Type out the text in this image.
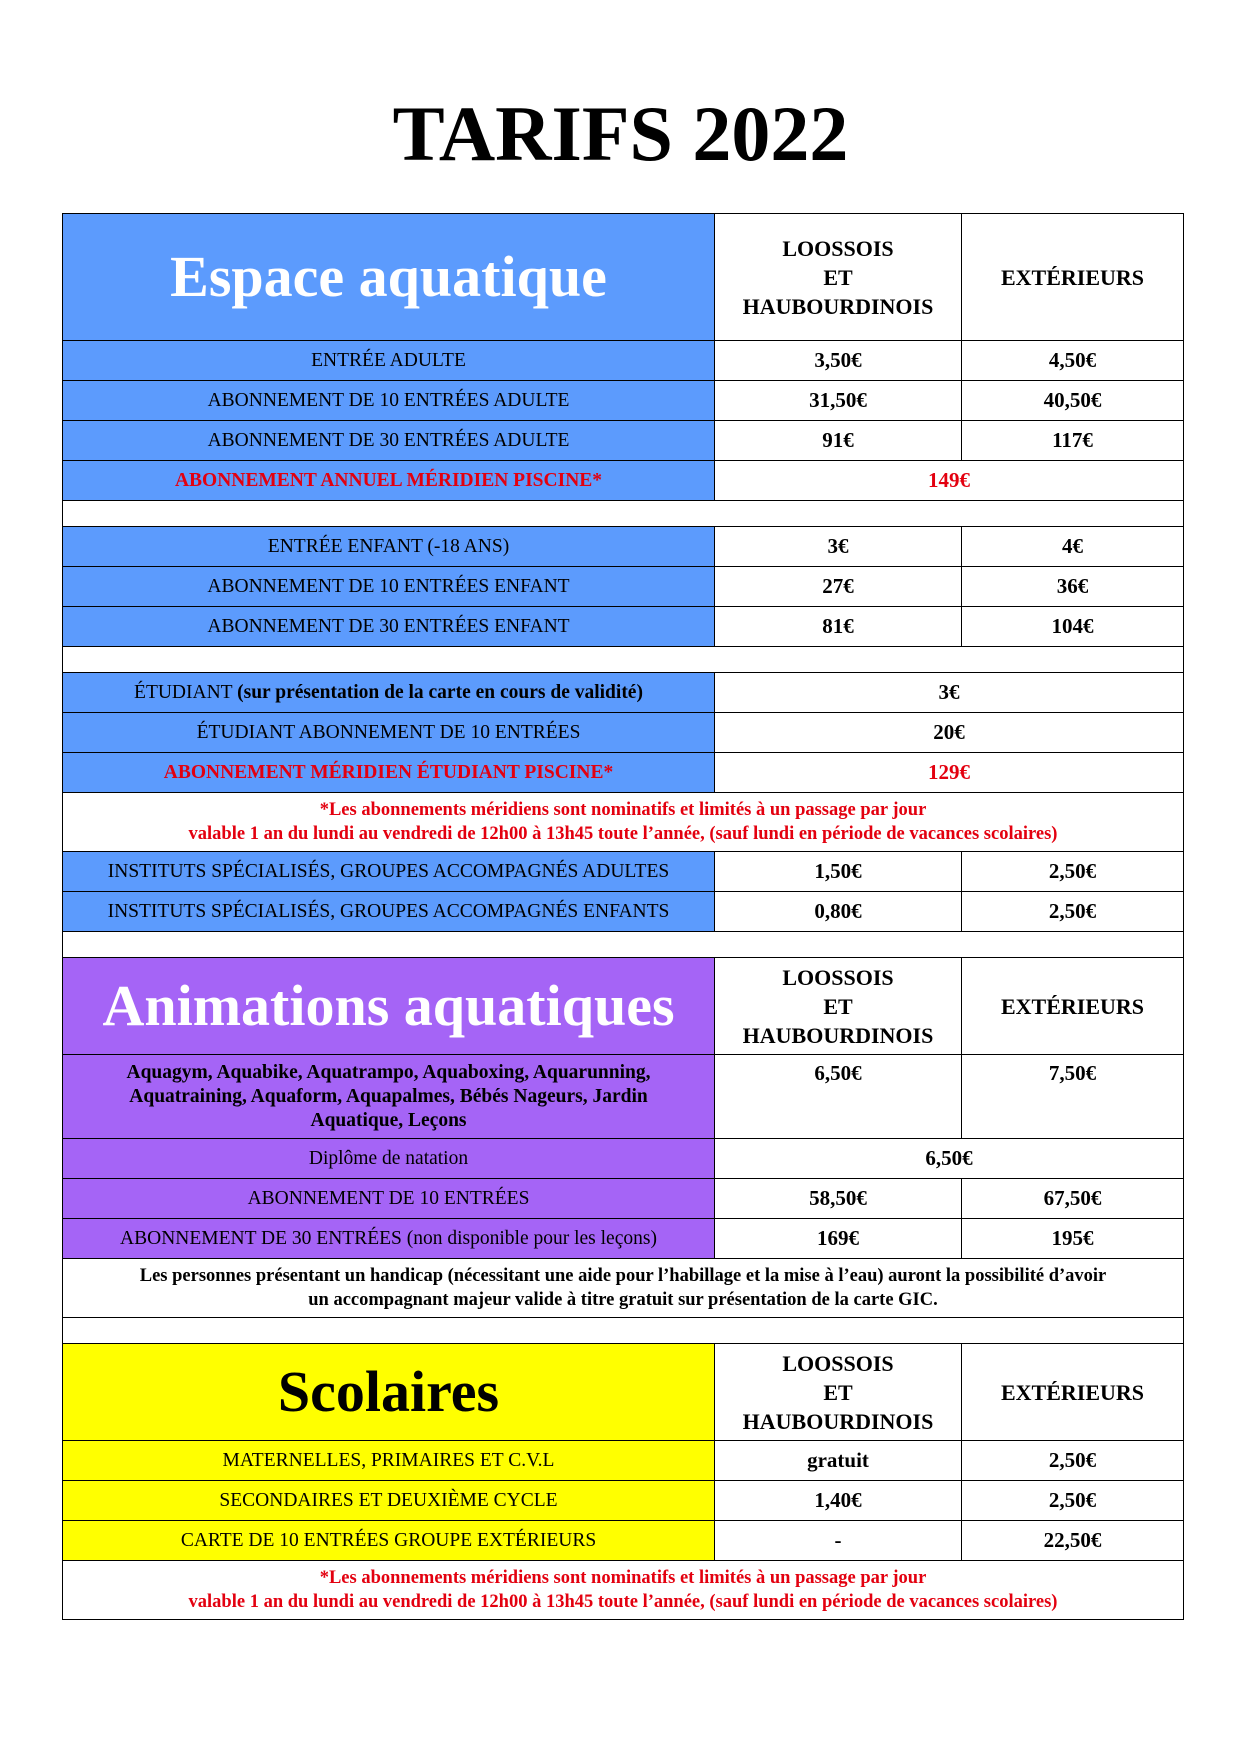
TARIFS 2022
Espace aquatique	LOOSSOIS
ET
HAUBOURDINOIS	EXTÉRIEURS
ENTRÉE ADULTE	3,50€	4,50€
ABONNEMENT DE 10 ENTRÉES ADULTE	31,50€	40,50€
ABONNEMENT DE 30 ENTRÉES ADULTE	91€	117€
ABONNEMENT ANNUEL MÉRIDIEN PISCINE*	149€	

ENTRÉE ENFANT (-18 ANS)	3€	4€
ABONNEMENT DE 10 ENTRÉES ENFANT	27€	36€
ABONNEMENT DE 30 ENTRÉES ENFANT	81€	104€

ÉTUDIANT (sur présentation de la carte en cours de validité)	3€	
ÉTUDIANT ABONNEMENT DE 10 ENTRÉES	20€	
ABONNEMENT MÉRIDIEN ÉTUDIANT PISCINE*	129€	

*Les abonnements méridiens sont nominatifs et limités à un passage par jour
valable 1 an du lundi au vendredi de 12h00 à 13h45 toute l’année, (sauf lundi en période de vacances scolaires)		

INSTITUTS SPÉCIALISÉS, GROUPES ACCOMPAGNÉS ADULTES	1,50€	2,50€
INSTITUTS SPÉCIALISÉS, GROUPES ACCOMPAGNÉS ENFANTS	0,80€	2,50€

Animations aquatiques	LOOSSOIS
ET
HAUBOURDINOIS	EXTÉRIEURS

Aquagym, Aquabike, Aquatrampo, Aquaboxing, Aquarunning,
Aquatraining, Aquaform, Aquapalmes, Bébés Nageurs, Jardin
Aquatique, Leçons	6,50€	7,50€
Diplôme de natation	6,50€	
ABONNEMENT DE 10 ENTRÉES	58,50€	67,50€
ABONNEMENT DE 30 ENTRÉES (non disponible pour les leçons)	169€	195€

Les personnes présentant un handicap (nécessitant une aide pour l’habillage et la mise à l’eau) auront la possibilité d’avoir
un accompagnant majeur valide à titre gratuit sur présentation de la carte GIC.		

Scolaires	LOOSSOIS
ET
HAUBOURDINOIS	EXTÉRIEURS
MATERNELLES, PRIMAIRES ET C.V.L	gratuit	2,50€
SECONDAIRES ET DEUXIÈME CYCLE	1,40€	2,50€
CARTE DE 10 ENTRÉES GROUPE EXTÉRIEURS	-	22,50€

*Les abonnements méridiens sont nominatifs et limités à un passage par jour
valable 1 an du lundi au vendredi de 12h00 à 13h45 toute l’année, (sauf lundi en période de vacances scolaires)		
